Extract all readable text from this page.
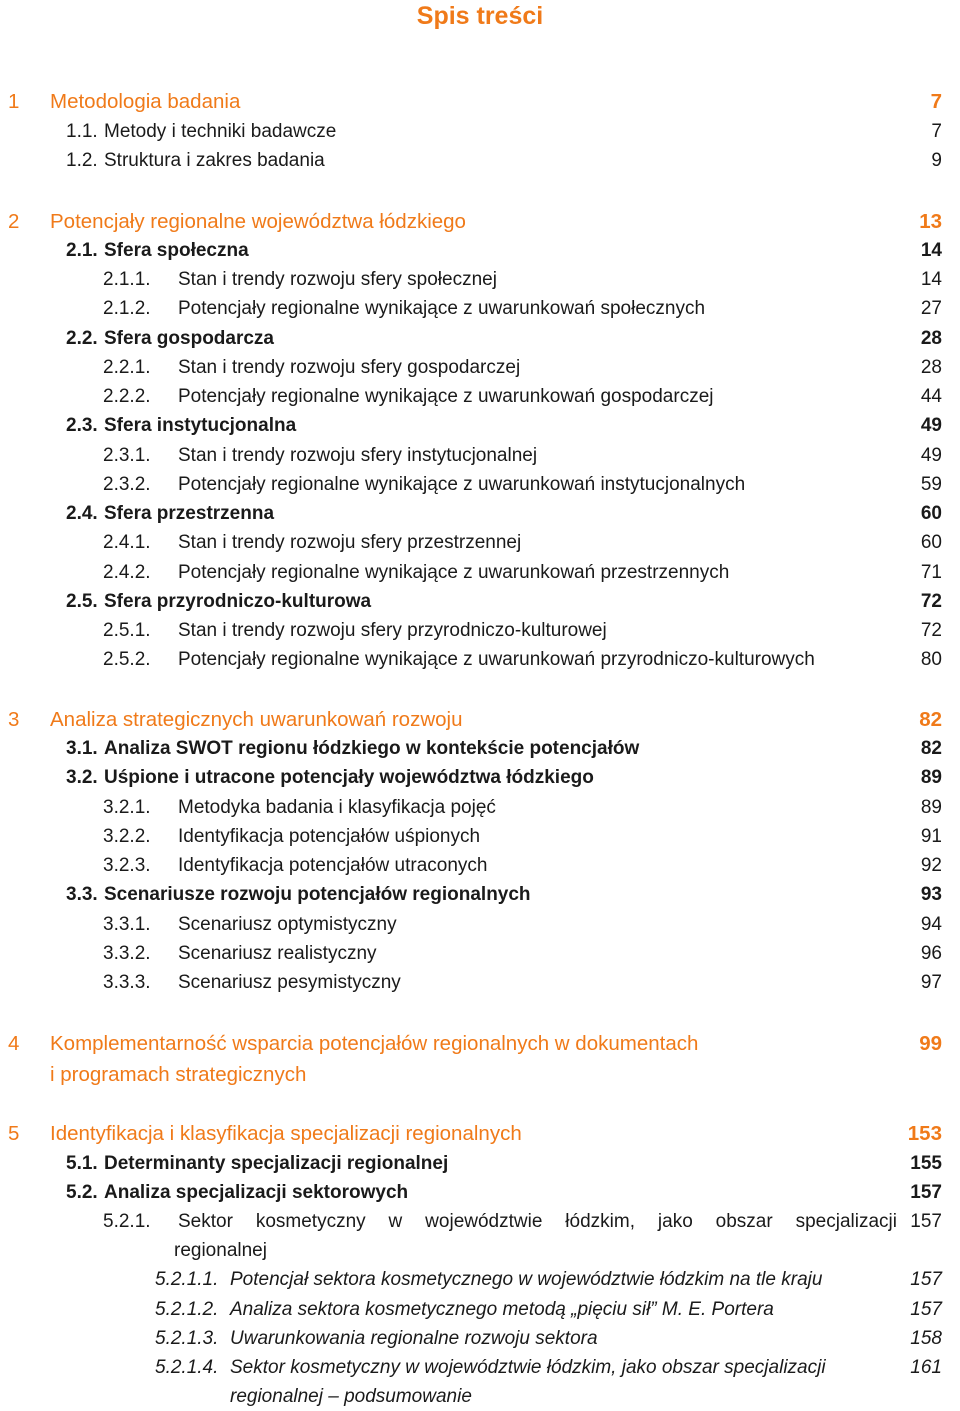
Spis treści
1 Metodologia badania	7
1.1. Metody i techniki badawcze	7
1.2. Struktura i zakres badania	9
2 Potencjały regionalne województwa łódzkiego	13
2.1. Sfera społeczna	14
2.1.1. Stan i trendy rozwoju sfery społecznej	14
2.1.2. Potencjały regionalne wynikające z uwarunkowań społecznych	27
2.2. Sfera gospodarcza	28
2.2.1. Stan i trendy rozwoju sfery gospodarczej	28
2.2.2. Potencjały regionalne wynikające z uwarunkowań gospodarczej	44
2.3. Sfera instytucjonalna	49
2.3.1. Stan i trendy rozwoju sfery instytucjonalnej	49
2.3.2. Potencjały regionalne wynikające z uwarunkowań instytucjonalnych	59
2.4. Sfera przestrzenna	60
2.4.1. Stan i trendy rozwoju sfery przestrzennej	60
2.4.2. Potencjały regionalne wynikające z uwarunkowań przestrzennych	71
2.5. Sfera przyrodniczo-kulturowa	72
2.5.1. Stan i trendy rozwoju sfery przyrodniczo-kulturowej	72
2.5.2. Potencjały regionalne wynikające z uwarunkowań przyrodniczo-kulturowych	80
3 Analiza strategicznych uwarunkowań rozwoju	82
3.1. Analiza SWOT regionu łódzkiego w kontekście potencjałów	82
3.2. Uśpione i utracone potencjały województwa łódzkiego	89
3.2.1. Metodyka badania i klasyfikacja pojęć	89
3.2.2. Identyfikacja potencjałów uśpionych	91
3.2.3. Identyfikacja potencjałów utraconych	92
3.3. Scenariusze rozwoju potencjałów regionalnych	93
3.3.1. Scenariusz optymistyczny	94
3.3.2. Scenariusz realistyczny	96
3.3.3. Scenariusz pesymistyczny	97
4 Komplementarność wsparcia potencjałów regionalnych w dokumentach	99
i programach strategicznych
5 Identyfikacja i klasyfikacja specjalizacji regionalnych	153
5.1. Determinanty specjalizacji regionalnej	155
5.2. Analiza specjalizacji sektorowych	157
5.2.1. Sektor kosmetyczny w województwie łódzkim, jako obszar specjalizacji 157
regionalnej
5.2.1.1. Potencjał sektora kosmetycznego w województwie łódzkim na tle kraju	157
5.2.1.2. Analiza sektora kosmetycznego metodą „pięciu sił” M. E. Portera	157
5.2.1.3. Uwarunkowania regionalne rozwoju sektora	158
5.2.1.4. Sektor kosmetyczny w województwie łódzkim, jako obszar specjalizacji	161
regionalnej – podsumowanie
